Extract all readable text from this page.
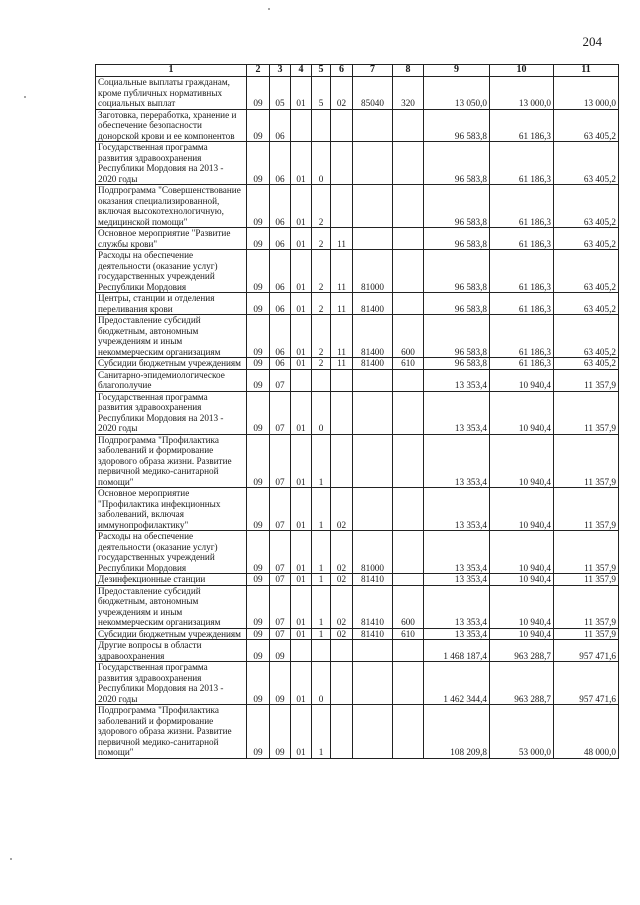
204
1	2	3	4	5	6	7	8	9	10	11
Социальные выплаты гражданам, кроме публичных нормативных социальных выплат	09	05	01	5	02	85040	320	13 050,0	13 000,0	13 000,0
Заготовка, переработка, хранение и обеспечение безопасности донорской крови и ее компонентов	09	06						96 583,8	61 186,3	63 405,2
Государственная программа развития здравоохранения Республики Мордовия на 2013 - 2020 годы	09	06	01	0				96 583,8	61 186,3	63 405,2
Подпрограмма "Совершенствование оказания специализированной, включая высокотехнологичную, медицинской помощи"	09	06	01	2				96 583,8	61 186,3	63 405,2
Основное мероприятие "Развитие службы крови"	09	06	01	2	11			96 583,8	61 186,3	63 405,2
Расходы на обеспечение деятельности (оказание услуг) государственных учреждений Республики Мордовия	09	06	01	2	11	81000		96 583,8	61 186,3	63 405,2
Центры, станции и отделения переливания крови	09	06	01	2	11	81400		96 583,8	61 186,3	63 405,2
Предоставление субсидий бюджетным, автономным учреждениям и иным некоммерческим организациям	09	06	01	2	11	81400	600	96 583,8	61 186,3	63 405,2
Субсидии бюджетным учреждениям	09	06	01	2	11	81400	610	96 583,8	61 186,3	63 405,2
Санитарно-эпидемиологическое благополучие	09	07						13 353,4	10 940,4	11 357,9
Государственная программа развития здравоохранения Республики Мордовия на 2013 - 2020 годы	09	07	01	0				13 353,4	10 940,4	11 357,9
Подпрограмма "Профилактика заболеваний и формирование здорового образа жизни. Развитие первичной медико-санитарной помощи"	09	07	01	1				13 353,4	10 940,4	11 357,9
Основное мероприятие "Профилактика инфекционных заболеваний, включая иммунопрофилактику"	09	07	01	1	02			13 353,4	10 940,4	11 357,9
Расходы на обеспечение деятельности (оказание услуг) государственных учреждений Республики Мордовия	09	07	01	1	02	81000		13 353,4	10 940,4	11 357,9
Дезинфекционные станции	09	07	01	1	02	81410		13 353,4	10 940,4	11 357,9
Предоставление субсидий бюджетным, автономным учреждениям и иным некоммерческим организациям	09	07	01	1	02	81410	600	13 353,4	10 940,4	11 357,9
Субсидии бюджетным учреждениям	09	07	01	1	02	81410	610	13 353,4	10 940,4	11 357,9
Другие вопросы в области здравоохранения	09	09						1 468 187,4	963 288,7	957 471,6
Государственная программа развития здравоохранения Республики Мордовия на 2013 - 2020 годы	09	09	01	0				1 462 344,4	963 288,7	957 471,6
Подпрограмма "Профилактика заболеваний и формирование здорового образа жизни. Развитие первичной медико-санитарной помощи"	09	09	01	1				108 209,8	53 000,0	48 000,0
